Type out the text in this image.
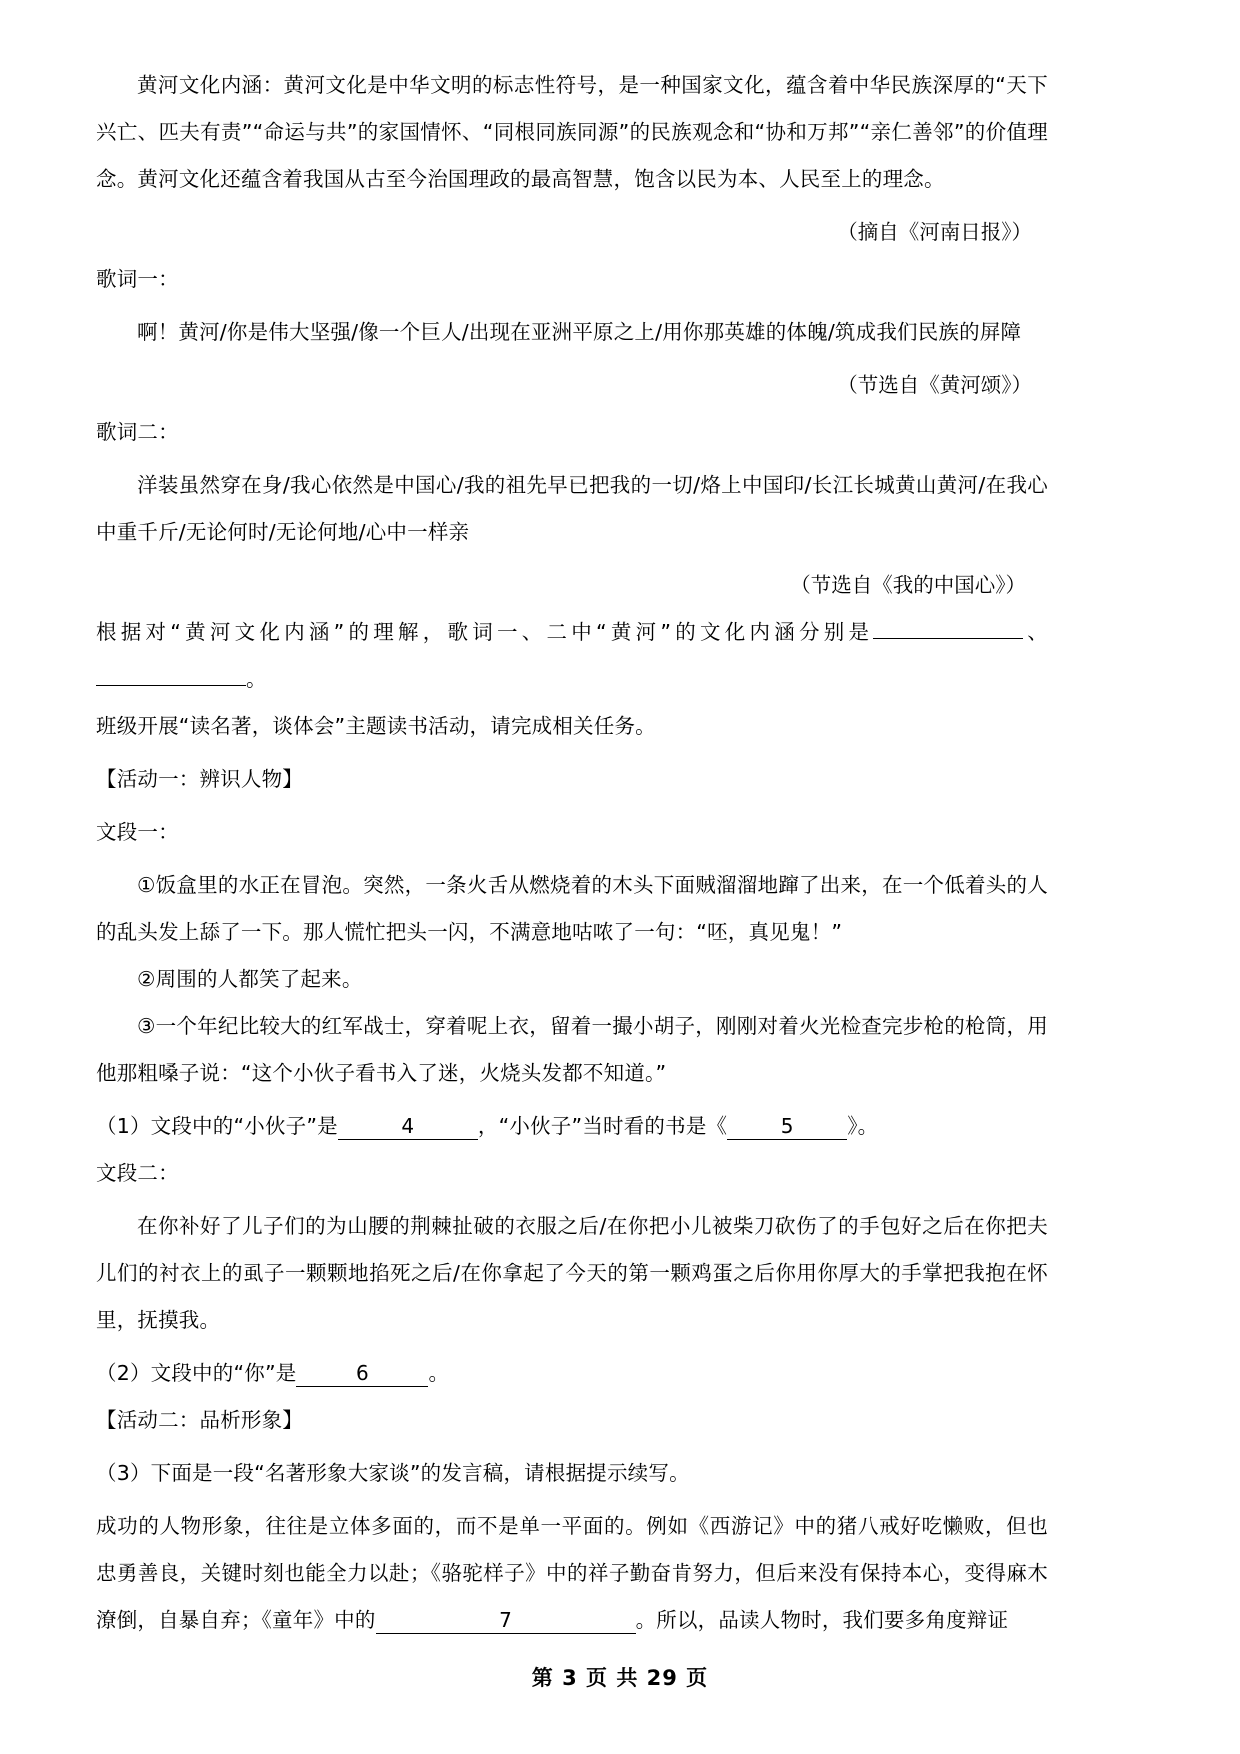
黄河文化内涵：黄河文化是中华文明的标志性符号，是一种国家文化，蕴含着中华民族深厚的“天下兴亡、匹夫有责”“命运与共”的家国情怀、“同根同族同源”的民族观念和“协和万邦”“亲仁善邻”的价值理念。黄河文化还蕴含着我国从古至今治国理政的最高智慧，饱含以民为本、人民至上的理念。

（摘自《河南日报》）

歌词一：

啊！黄河/你是伟大坚强/像一个巨人/出现在亚洲平原之上/用你那英雄的体魄/筑成我们民族的屏障

（节选自《黄河颂》）

歌词二：

洋装虽然穿在身/我心依然是中国心/我的祖先早已把我的一切/烙上中国印/长江长城黄山黄河/在我心中重千斤/无论何时/无论何地/心中一样亲

（节选自《我的中国心》）

根据对“黄河文化内涵”的理解，歌词一、二中“黄河”的文化内涵分别是	、。

班级开展“读名著，谈体会”主题读书活动，请完成相关任务。

【活动一：辨识人物】

文段一：

①饭盒里的水正在冒泡。突然，一条火舌从燃烧着的木头下面贼溜溜地蹿了出来，在一个低着头的人的乱头发上舔了一下。那人慌忙把头一闪，不满意地咕哝了一句：“呸，真见鬼！”

②周围的人都笑了起来。

③一个年纪比较大的红军战士，穿着呢上衣，留着一撮小胡子，刚刚对着火光检查完步枪的枪筒，用他那粗嗓子说：“这个小伙子看书入了迷，火烧头发都不知道。”

（1）文段中的“小伙子”是	4	，“小伙子”当时看的书是《	5	》。

文段二：

在你补好了儿子们的为山腰的荆棘扯破的衣服之后/在你把小儿被柴刀砍伤了的手包好之后在你把夫儿们的衬衣上的虱子一颗颗地掐死之后/在你拿起了今天的第一颗鸡蛋之后你用你厚大的手掌把我抱在怀里，抚摸我。

（2）文段中的“你”是	6	。

【活动二：品析形象】

（3）下面是一段“名著形象大家谈”的发言稿，请根据提示续写。

成功的人物形象，往往是立体多面的，而不是单一平面的。例如《西游记》中的猪八戒好吃懒败，但也忠勇善良，关键时刻也能全力以赴；《骆驼样子》中的祥子勤奋肯努力，但后来没有保持本心，变得麻木潦倒，自暴自弃；《童年》中的	7	。所以，品读人物时，我们要多角度辩证

第 3 页 共 29 页
